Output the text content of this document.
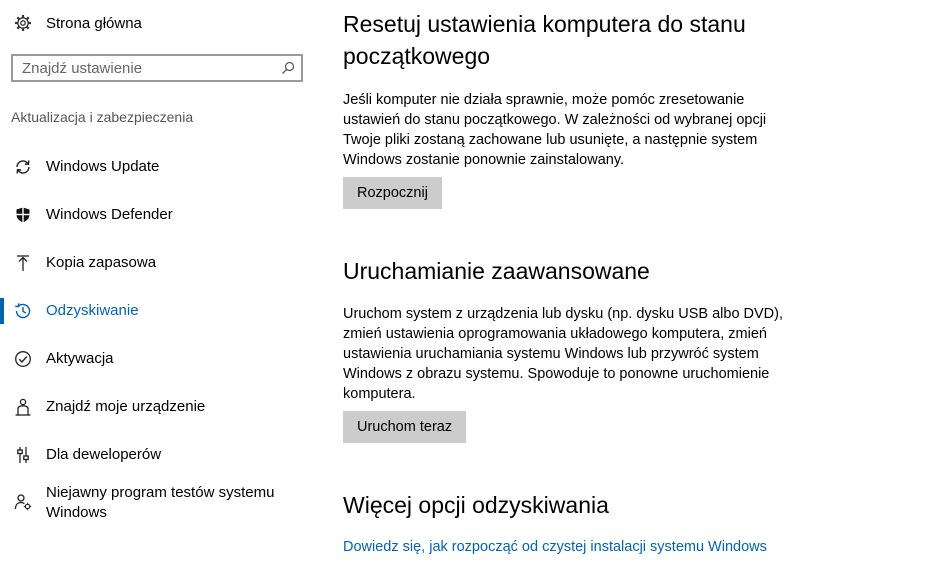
Strona główna
Znajdź ustawienie
Aktualizacja i zabezpieczenia
Windows Update
Windows Defender
Kopia zapasowa
Odzyskiwanie
Aktywacja
Znajdź moje urządzenie
Dla deweloperów
Niejawny program testów systemu Windows
Resetuj ustawienia komputera do stanu początkowego

Jeśli komputer nie działa sprawnie, może pomóc zresetowanie ustawień do stanu początkowego. W zależności od wybranej opcji Twoje pliki zostaną zachowane lub usunięte, a następnie system Windows zostanie ponownie zainstalowany.

Rozpocznij
Uruchamianie zaawansowane

Uruchom system z urządzenia lub dysku (np. dysku USB albo DVD), zmień ustawienia oprogramowania układowego komputera, zmień ustawienia uruchamiania systemu Windows lub przywróć system Windows z obrazu systemu. Spowoduje to ponowne uruchomienie komputera.

Uruchom teraz
Więcej opcji odzyskiwania
Dowiedz się, jak rozpocząć od czystej instalacji systemu Windows
